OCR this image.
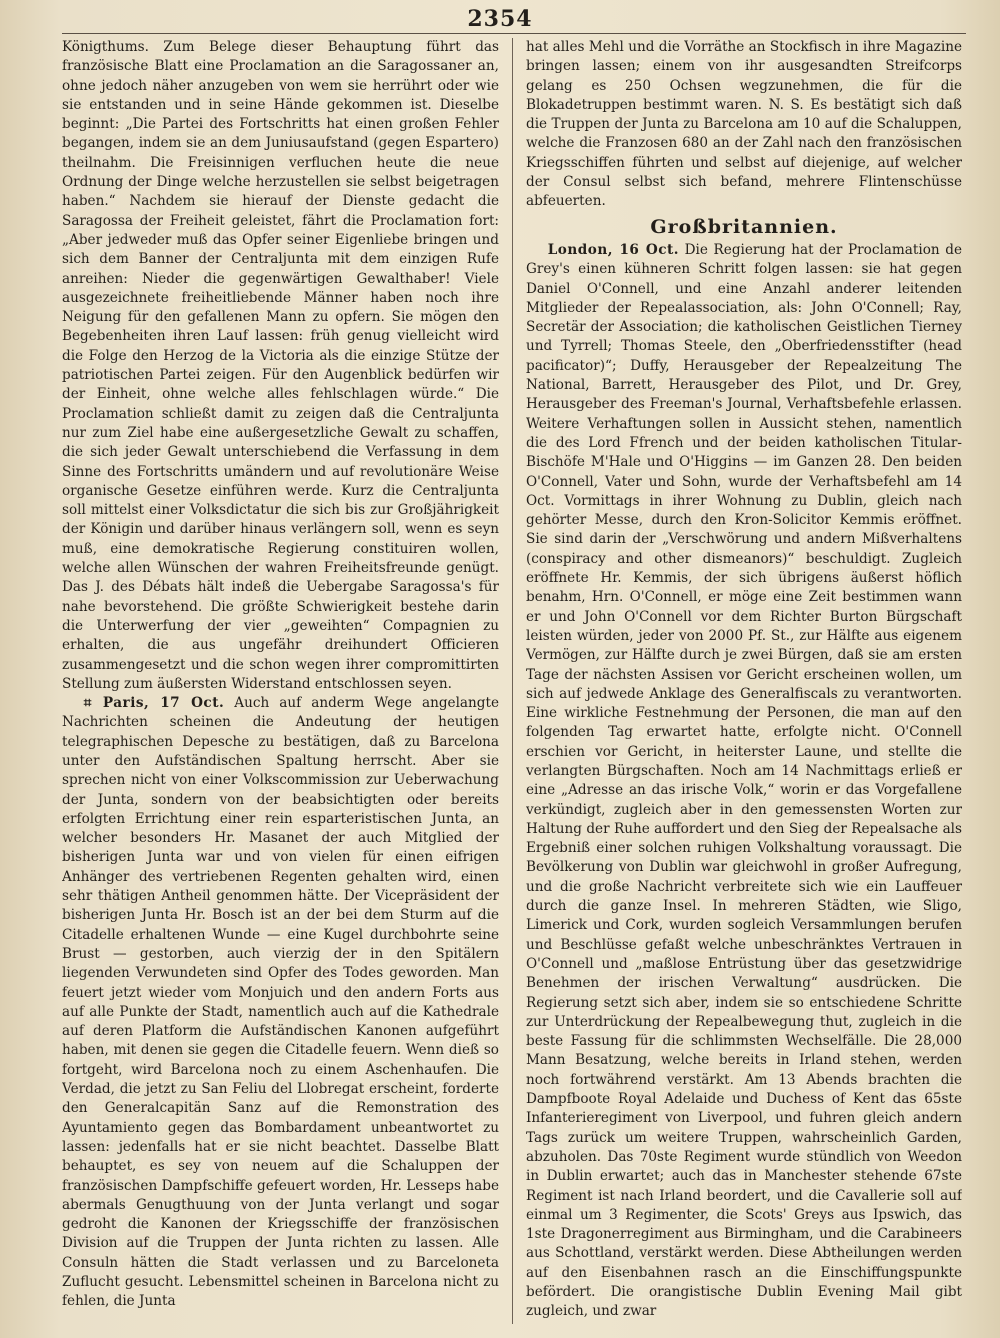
2354

Königthums. Zum Belege dieser Behauptung führt das französische Blatt eine Proclamation an die Saragossaner an, ohne jedoch näher anzugeben von wem sie herrührt oder wie sie entstanden und in seine Hände gekommen ist. Dieselbe beginnt: „Die Partei des Fortschritts hat einen großen Fehler begangen, indem sie an dem Juniusaufstand (gegen Espartero) theilnahm. Die Freisinnigen verfluchen heute die neue Ordnung der Dinge welche herzustellen sie selbst beigetragen haben.“ Nachdem sie hierauf der Dienste gedacht die Saragossa der Freiheit geleistet, fährt die Proclamation fort: „Aber jedweder muß das Opfer seiner Eigenliebe bringen und sich dem Banner der Centraljunta mit dem einzigen Rufe anreihen: Nieder die gegenwärtigen Gewalthaber! Viele ausgezeichnete freiheitliebende Männer haben noch ihre Neigung für den gefallenen Mann zu opfern. Sie mögen den Begebenheiten ihren Lauf lassen: früh genug vielleicht wird die Folge den Herzog de la Victoria als die einzige Stütze der patriotischen Partei zeigen. Für den Augenblick bedürfen wir der Einheit, ohne welche alles fehlschlagen würde.“ Die Proclamation schließt damit zu zeigen daß die Centraljunta nur zum Ziel habe eine außergesetzliche Gewalt zu schaffen, die sich jeder Gewalt unterschiebend die Verfassung in dem Sinne des Fortschritts umändern und auf revolutionäre Weise organische Gesetze einführen werde. Kurz die Centraljunta soll mittelst einer Volksdictatur die sich bis zur Großjährigkeit der Königin und darüber hinaus verlängern soll, wenn es seyn muß, eine demokratische Regierung constituiren wollen, welche allen Wünschen der wahren Freiheitsfreunde genügt. Das J. des Débats hält indeß die Uebergabe Saragossa's für nahe bevorstehend. Die größte Schwierigkeit bestehe darin die Unterwerfung der vier „geweihten“ Compagnien zu erhalten, die aus ungefähr dreihundert Officieren zusammengesetzt und die schon wegen ihrer compromittirten Stellung zum äußersten Widerstand entschlossen seyen.

⌗ Paris, 17 Oct. Auch auf anderm Wege angelangte Nachrichten scheinen die Andeutung der heutigen telegraphischen Depesche zu bestätigen, daß zu Barcelona unter den Aufständischen Spaltung herrscht. Aber sie sprechen nicht von einer Volkscommission zur Ueberwachung der Junta, sondern von der beabsichtigten oder bereits erfolgten Errichtung einer rein esparteristischen Junta, an welcher besonders Hr. Masanet der auch Mitglied der bisherigen Junta war und von vielen für einen eifrigen Anhänger des vertriebenen Regenten gehalten wird, einen sehr thätigen Antheil genommen hätte. Der Vicepräsident der bisherigen Junta Hr. Bosch ist an der bei dem Sturm auf die Citadelle erhaltenen Wunde — eine Kugel durchbohrte seine Brust — gestorben, auch vierzig der in den Spitälern liegenden Verwundeten sind Opfer des Todes geworden. Man feuert jetzt wieder vom Monjuich und den andern Forts aus auf alle Punkte der Stadt, namentlich auch auf die Kathedrale auf deren Platform die Aufständischen Kanonen aufgeführt haben, mit denen sie gegen die Citadelle feuern. Wenn dieß so fortgeht, wird Barcelona noch zu einem Aschenhaufen. Die Verdad, die jetzt zu San Feliu del Llobregat erscheint, forderte den Generalcapitän Sanz auf die Remonstration des Ayuntamiento gegen das Bombardament unbeantwortet zu lassen: jedenfalls hat er sie nicht beachtet. Dasselbe Blatt behauptet, es sey von neuem auf die Schaluppen der französischen Dampfschiffe gefeuert worden, Hr. Lesseps habe abermals Genugthuung von der Junta verlangt und sogar gedroht die Kanonen der Kriegsschiffe der französischen Division auf die Truppen der Junta richten zu lassen. Alle Consuln hätten die Stadt verlassen und zu Barceloneta Zuflucht gesucht. Lebensmittel scheinen in Barcelona nicht zu fehlen, die Junta

hat alles Mehl und die Vorräthe an Stockfisch in ihre Magazine bringen lassen; einem von ihr ausgesandten Streifcorps gelang es 250 Ochsen wegzunehmen, die für die Blokadetruppen bestimmt waren. N. S. Es bestätigt sich daß die Truppen der Junta zu Barcelona am 10 auf die Schaluppen, welche die Franzosen 680 an der Zahl nach den französischen Kriegsschiffen führten und selbst auf diejenige, auf welcher der Consul selbst sich befand, mehrere Flintenschüsse abfeuerten.

Großbritannien.

London, 16 Oct. Die Regierung hat der Proclamation de Grey's einen kühneren Schritt folgen lassen: sie hat gegen Daniel O'Connell, und eine Anzahl anderer leitenden Mitglieder der Repealassociation, als: John O'Connell; Ray, Secretär der Association; die katholischen Geistlichen Tierney und Tyrrell; Thomas Steele, den „Oberfriedensstifter (head pacificator)“; Duffy, Herausgeber der Repealzeitung The National, Barrett, Herausgeber des Pilot, und Dr. Grey, Herausgeber des Freeman's Journal, Verhaftsbefehle erlassen. Weitere Verhaftungen sollen in Aussicht stehen, namentlich die des Lord Ffrench und der beiden katholischen Titular-Bischöfe M'Hale und O'Higgins — im Ganzen 28. Den beiden O'Connell, Vater und Sohn, wurde der Verhaftsbefehl am 14 Oct. Vormittags in ihrer Wohnung zu Dublin, gleich nach gehörter Messe, durch den Kron-Solicitor Kemmis eröffnet. Sie sind darin der „Verschwörung und andern Mißverhaltens (conspiracy and other dismeanors)“ beschuldigt. Zugleich eröffnete Hr. Kemmis, der sich übrigens äußerst höflich benahm, Hrn. O'Connell, er möge eine Zeit bestimmen wann er und John O'Connell vor dem Richter Burton Bürgschaft leisten würden, jeder von 2000 Pf. St., zur Hälfte aus eigenem Vermögen, zur Hälfte durch je zwei Bürgen, daß sie am ersten Tage der nächsten Assisen vor Gericht erscheinen wollen, um sich auf jedwede Anklage des Generalfiscals zu verantworten. Eine wirkliche Festnehmung der Personen, die man auf den folgenden Tag erwartet hatte, erfolgte nicht. O'Connell erschien vor Gericht, in heiterster Laune, und stellte die verlangten Bürgschaften. Noch am 14 Nachmittags erließ er eine „Adresse an das irische Volk,“ worin er das Vorgefallene verkündigt, zugleich aber in den gemessensten Worten zur Haltung der Ruhe auffordert und den Sieg der Repealsache als Ergebniß einer solchen ruhigen Volkshaltung voraussagt. Die Bevölkerung von Dublin war gleichwohl in großer Aufregung, und die große Nachricht verbreitete sich wie ein Lauffeuer durch die ganze Insel. In mehreren Städten, wie Sligo, Limerick und Cork, wurden sogleich Versammlungen berufen und Beschlüsse gefaßt welche unbeschränktes Vertrauen in O'Connell und „maßlose Entrüstung über das gesetzwidrige Benehmen der irischen Verwaltung“ ausdrücken. Die Regierung setzt sich aber, indem sie so entschiedene Schritte zur Unterdrückung der Repealbewegung thut, zugleich in die beste Fassung für die schlimmsten Wechselfälle. Die 28,000 Mann Besatzung, welche bereits in Irland stehen, werden noch fortwährend verstärkt. Am 13 Abends brachten die Dampfboote Royal Adelaide und Duchess of Kent das 65ste Infanterieregiment von Liverpool, und fuhren gleich andern Tags zurück um weitere Truppen, wahrscheinlich Garden, abzuholen. Das 70ste Regiment wurde stündlich von Weedon in Dublin erwartet; auch das in Manchester stehende 67ste Regiment ist nach Irland beordert, und die Cavallerie soll auf einmal um 3 Regimenter, die Scots' Greys aus Ipswich, das 1ste Dragonerregiment aus Birmingham, und die Carabineers aus Schottland, verstärkt werden. Diese Abtheilungen werden auf den Eisenbahnen rasch an die Einschiffungspunkte befördert. Die orangistische Dublin Evening Mail gibt zugleich, und zwar
